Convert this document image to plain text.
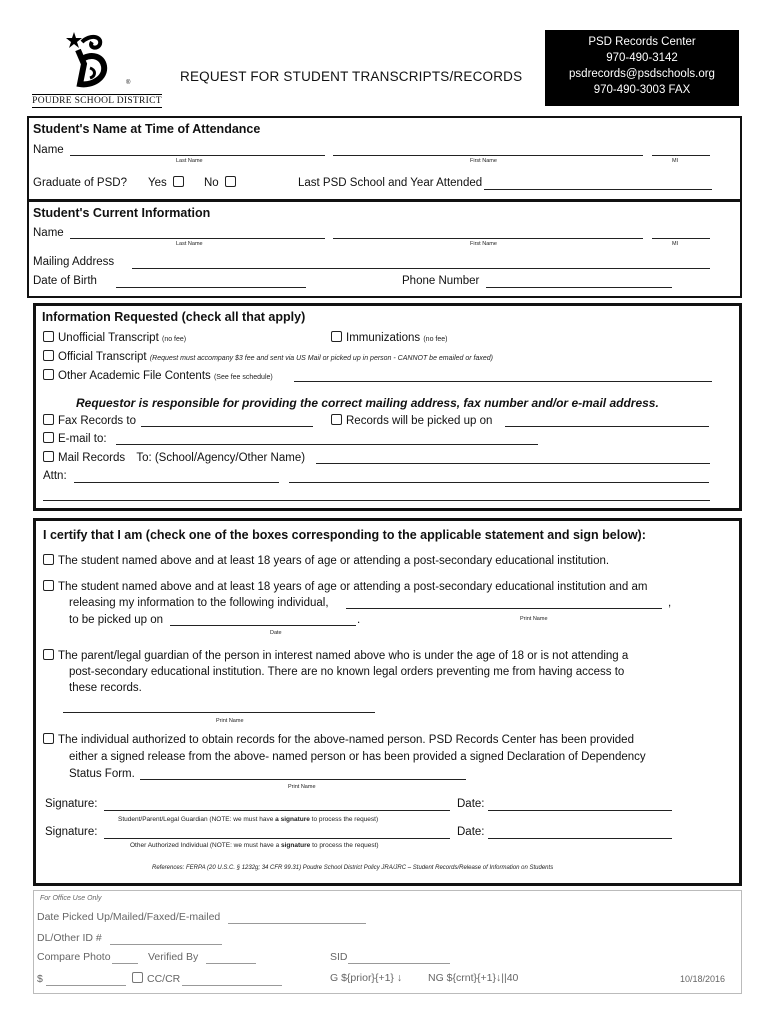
®
POUDRE SCHOOL DISTRICT
REQUEST FOR STUDENT TRANSCRIPTS/RECORDS
PSD Records Center
970-490-3142
psdrecords@psdschools.org
970-490-3003 FAX
Student's Name at Time of Attendance
Name
Last Name	First Name	MI
Graduate of PSD? Yes	No	Last PSD School and Year Attended
Student's Current Information
Name
Last Name	First Name	MI
Mailing Address
Date of Birth	Phone Number
Information Requested (check all that apply)
Unofficial Transcript (no fee)	Immunizations (no fee)
Official Transcript (Request must accompany $3 fee and sent via US Mail or picked up in person - CANNOT be emailed or faxed)
Other Academic File Contents (See fee schedule)
Requestor is responsible for providing the correct mailing address, fax number and/or e-mail address.
Fax Records to	Records will be picked up on
E-mail to:
Mail Records To: (School/Agency/Other Name)
Attn:
I certify that I am (check one of the boxes corresponding to the applicable statement and sign below):
The student named above and at least 18 years of age or attending a post-secondary educational institution.
The student named above and at least 18 years of age or attending a post-secondary educational institution and am
releasing my information to the following individual,	,
Print Name
to be picked up on	.
Date
The parent/legal guardian of the person in interest named above who is under the age of 18 or is not attending a
post-secondary educational institution. There are no known legal orders preventing me from having access to
these records.
Print Name
The individual authorized to obtain records for the above-named person. PSD Records Center has been provided
either a signed release from the above- named person or has been provided a signed Declaration of Dependency
Status Form.
Print Name
Signature:	Date:
Student/Parent/Legal Guardian (NOTE: we must have a signature to process the request)
Signature:	Date:
Other Authorized Individual (NOTE: we must have a signature to process the request)
References: FERPA (20 U.S.C. § 1232g; 34 CFR 99.31) Poudre School District Policy JRA/JRC – Student Records/Release of Information on Students
For Office Use Only
Date Picked Up/Mailed/Faxed/E-mailed
DL/Other ID #
Compare Photo	Verified By	SID
$	CC/CR	G ${prior}{+1} ↓ NG ${crnt}{+1}↓||40	10/18/2016
